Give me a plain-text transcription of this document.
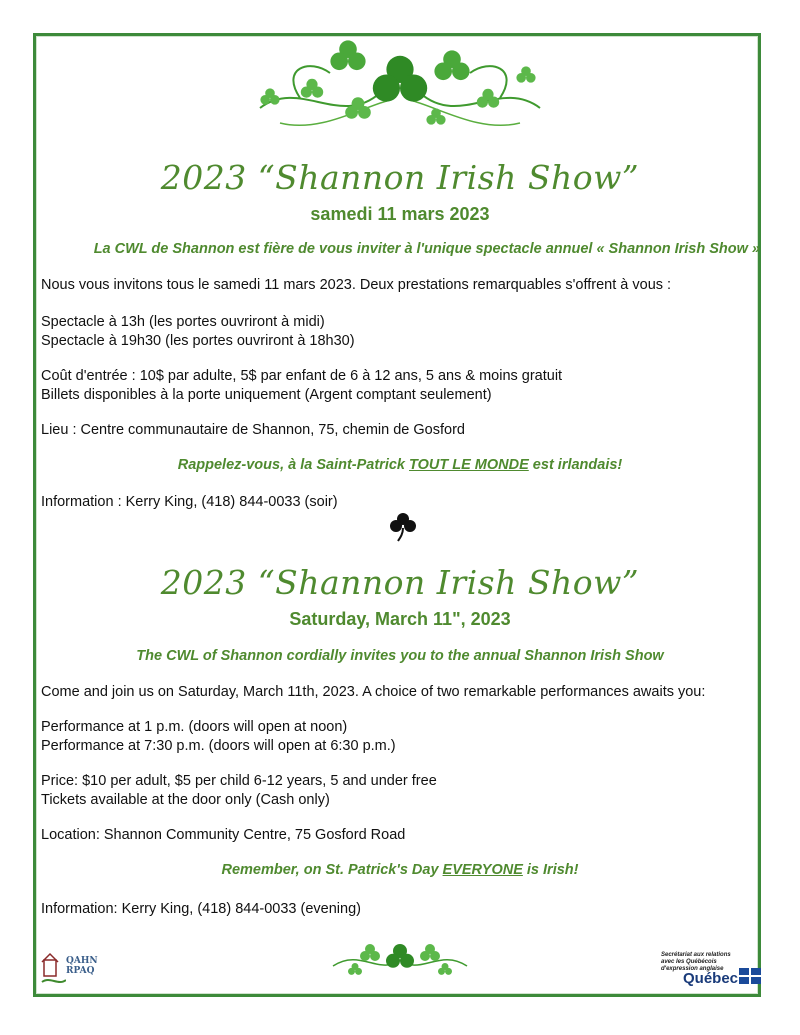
2023 “Shannon Irish Show”
samedi 11 mars 2023
La CWL de Shannon est fière de vous inviter à l'unique spectacle annuel « Shannon Irish Show »
Nous vous invitons tous le samedi 11 mars 2023. Deux prestations remarquables s'offrent à vous :
Spectacle à 13h (les portes ouvriront à midi)
Spectacle à 19h30 (les portes ouvriront à 18h30)
Coût d'entrée : 10$ par adulte, 5$ par enfant de 6 à 12 ans, 5 ans & moins gratuit
Billets disponibles à la porte uniquement (Argent comptant seulement)
Lieu : Centre communautaire de Shannon, 75, chemin de Gosford
Rappelez-vous, à la Saint-Patrick TOUT LE MONDE est irlandais!
Information : Kerry King, (418) 844-0033 (soir)
2023 “Shannon Irish Show”
Saturday, March 11", 2023
The CWL of Shannon cordially invites you to the annual Shannon Irish Show
Come and join us on Saturday, March 11th, 2023. A choice of two remarkable performances awaits you:
Performance at 1 p.m. (doors will open at noon)
Performance at 7:30 p.m. (doors will open at 6:30 p.m.)
Price: $10 per adult, $5 per child 6-12 years, 5 and under free
Tickets available at the door only (Cash only)
Location: Shannon Community Centre, 75 Gosford Road
Remember, on St. Patrick's Day EVERYONE is Irish!
Information: Kerry King, (418) 844-0033 (evening)
QAHN
RPAQ
Secrétariat aux relations
avec les Québécois
d'expression anglaise
Québec
